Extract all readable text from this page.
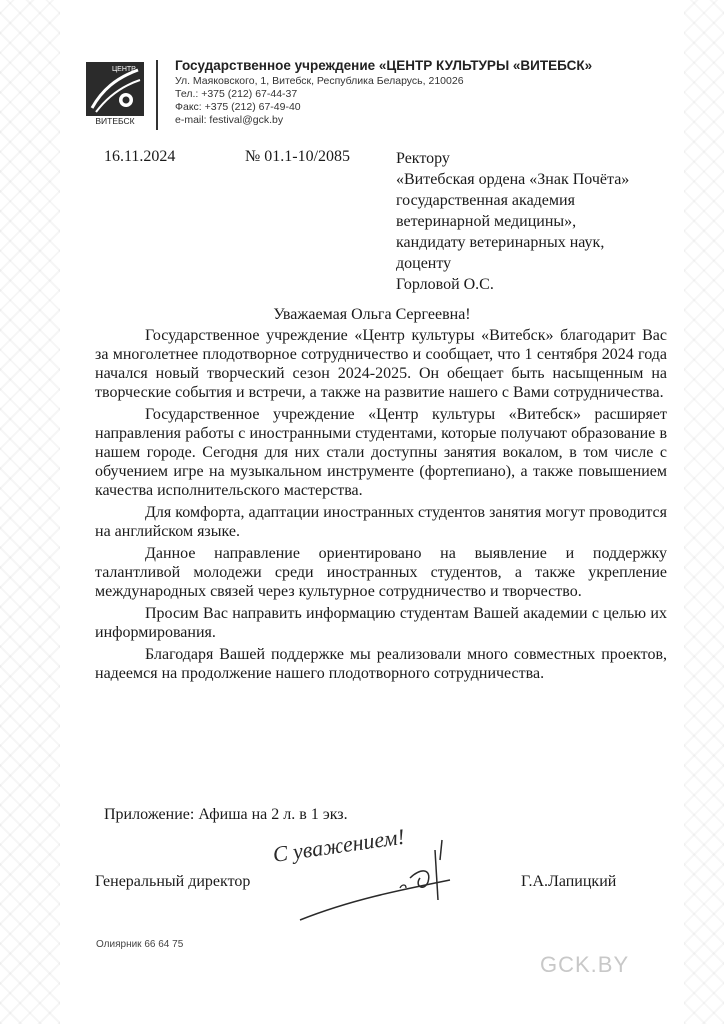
ЦЕНТР
ВИТЕБСК
Государственное учреждение «ЦЕНТР КУЛЬТУРЫ «ВИТЕБСК»
Ул. Маяковского, 1, Витебск, Республика Беларусь, 210026
Тел.: +375 (212) 67-44-37
Факс: +375 (212) 67-49-40
e-mail: festival@gck.by
16.11.2024	№ 01.1-10/2085	Ректору
«Витебская ордена «Знак Почёта»
государственная академия
ветеринарной медицины»,
кандидату ветеринарных наук,
доценту
Горловой О.С.
Уважаемая Ольга Сергеевна!

Государственное учреждение «Центр культуры «Витебск» благодарит Вас за многолетнее плодотворное сотрудничество и сообщает, что 1 сентября 2024 года начался новый творческий сезон 2024-2025. Он обещает быть насыщенным на творческие события и встречи, а также на развитие нашего с Вами сотрудничества.

Государственное учреждение «Центр культуры «Витебск» расширяет направления работы с иностранными студентами, которые получают образование в нашем городе. Сегодня для них стали доступны занятия вокалом, в том числе с обучением игре на музыкальном инструменте (фортепиано), а также повышением качества исполнительского мастерства.

Для комфорта, адаптации иностранных студентов занятия могут проводится на английском языке.

Данное направление ориентировано на выявление и поддержку талантливой молодежи среди иностранных студентов, а также укрепление международных связей через культурное сотрудничество и творчество.

Просим Вас направить информацию студентам Вашей академии с целью их информирования.

Благодаря Вашей поддержке мы реализовали много совместных проектов, надеемся на продолжение нашего плодотворного сотрудничества.

Приложение: Афиша на 2 л. в 1 экз.
С уважением!
Генеральный директор	Г.А.Лапицкий
Олиярник 66 64 75
GCK.BY
